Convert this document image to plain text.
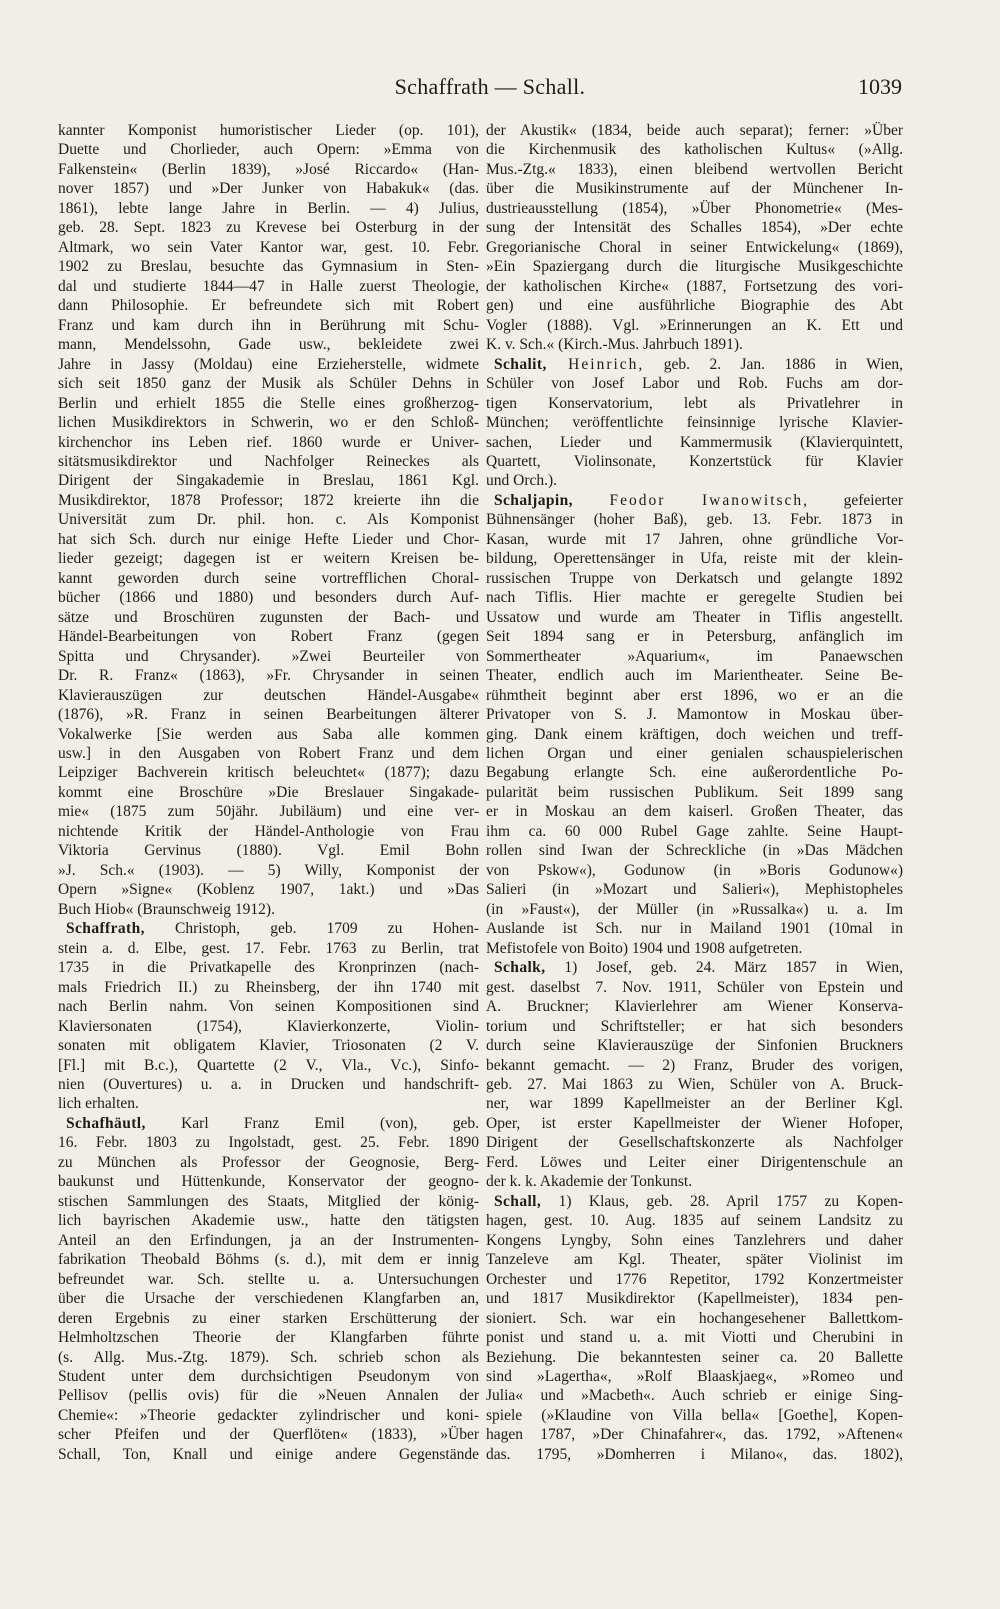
Schaffrath — Schall.	1039
kannter Komponist humoristischer Lieder (op. 101),
Duette und Chorlieder, auch Opern: »Emma von
Falkenstein« (Berlin 1839), »José Riccardo« (Han-
nover 1857) und »Der Junker von Habakuk« (das.
1861), lebte lange Jahre in Berlin. — 4) Julius,
geb. 28. Sept. 1823 zu Krevese bei Osterburg in der
Altmark, wo sein Vater Kantor war, gest. 10. Febr.
1902 zu Breslau, besuchte das Gymnasium in Sten-
dal und studierte 1844—47 in Halle zuerst Theologie,
dann Philosophie. Er befreundete sich mit Robert
Franz und kam durch ihn in Berührung mit Schu-
mann, Mendelssohn, Gade usw., bekleidete zwei
Jahre in Jassy (Moldau) eine Erzieherstelle, widmete
sich seit 1850 ganz der Musik als Schüler Dehns in
Berlin und erhielt 1855 die Stelle eines großherzog-
lichen Musikdirektors in Schwerin, wo er den Schloß-
kirchenchor ins Leben rief. 1860 wurde er Univer-
sitätsmusikdirektor und Nachfolger Reineckes als
Dirigent der Singakademie in Breslau, 1861 Kgl.
Musikdirektor, 1878 Professor; 1872 kreierte ihn die
Universität zum Dr. phil. hon. c. Als Komponist
hat sich Sch. durch nur einige Hefte Lieder und Chor-
lieder gezeigt; dagegen ist er weitern Kreisen be-
kannt geworden durch seine vortrefflichen Choral-
bücher (1866 und 1880) und besonders durch Auf-
sätze und Broschüren zugunsten der Bach- und
Händel-Bearbeitungen von Robert Franz (gegen
Spitta und Chrysander). »Zwei Beurteiler von
Dr. R. Franz« (1863), »Fr. Chrysander in seinen
Klavierauszügen zur deutschen Händel-Ausgabe«
(1876), »R. Franz in seinen Bearbeitungen älterer
Vokalwerke [Sie werden aus Saba alle kommen
usw.] in den Ausgaben von Robert Franz und dem
Leipziger Bachverein kritisch beleuchtet« (1877); dazu
kommt eine Broschüre »Die Breslauer Singakade-
mie« (1875 zum 50jähr. Jubiläum) und eine ver-
nichtende Kritik der Händel-Anthologie von Frau
Viktoria Gervinus (1880). Vgl. Emil Bohn
»J. Sch.« (1903). — 5) Willy, Komponist der
Opern »Signe« (Koblenz 1907, 1akt.) und »Das
Buch Hiob« (Braunschweig 1912).
Schaffrath, Christoph, geb. 1709 zu Hohen-
stein a. d. Elbe, gest. 17. Febr. 1763 zu Berlin, trat
1735 in die Privatkapelle des Kronprinzen (nach-
mals Friedrich II.) zu Rheinsberg, der ihn 1740 mit
nach Berlin nahm. Von seinen Kompositionen sind
Klaviersonaten (1754), Klavierkonzerte, Violin-
sonaten mit obligatem Klavier, Triosonaten (2 V.
[Fl.] mit B.c.), Quartette (2 V., Vla., Vc.), Sinfo-
nien (Ouvertures) u. a. in Drucken und handschrift-
lich erhalten.
Schafhäutl, Karl Franz Emil (von), geb.
16. Febr. 1803 zu Ingolstadt, gest. 25. Febr. 1890
zu München als Professor der Geognosie, Berg-
baukunst und Hüttenkunde, Konservator der geogno-
stischen Sammlungen des Staats, Mitglied der könig-
lich bayrischen Akademie usw., hatte den tätigsten
Anteil an den Erfindungen, ja an der Instrumenten-
fabrikation Theobald Böhms (s. d.), mit dem er innig
befreundet war. Sch. stellte u. a. Untersuchungen
über die Ursache der verschiedenen Klangfarben an,
deren Ergebnis zu einer starken Erschütterung der
Helmholtzschen Theorie der Klangfarben führte
(s. Allg. Mus.-Ztg. 1879). Sch. schrieb schon als
Student unter dem durchsichtigen Pseudonym von
Pellisov (pellis ovis) für die »Neuen Annalen der
Chemie«: »Theorie gedackter zylindrischer und koni-
scher Pfeifen und der Querflöten« (1833), »Über
Schall, Ton, Knall und einige andere Gegenstände
der Akustik« (1834, beide auch separat); ferner: »Über
die Kirchenmusik des katholischen Kultus« (»Allg.
Mus.-Ztg.« 1833), einen bleibend wertvollen Bericht
über die Musikinstrumente auf der Münchener In-
dustrieausstellung (1854), »Über Phonometrie« (Mes-
sung der Intensität des Schalles 1854), »Der echte
Gregorianische Choral in seiner Entwickelung« (1869),
»Ein Spaziergang durch die liturgische Musikgeschichte
der katholischen Kirche« (1887, Fortsetzung des vori-
gen) und eine ausführliche Biographie des Abt
Vogler (1888). Vgl. »Erinnerungen an K. Ett und
K. v. Sch.« (Kirch.-Mus. Jahrbuch 1891).
Schalit, Heinrich, geb. 2. Jan. 1886 in Wien,
Schüler von Josef Labor und Rob. Fuchs am dor-
tigen Konservatorium, lebt als Privatlehrer in
München; veröffentlichte feinsinnige lyrische Klavier-
sachen, Lieder und Kammermusik (Klavierquintett,
Quartett, Violinsonate, Konzertstück für Klavier
und Orch.).
Schaljapin, Feodor Iwanowitsch, gefeierter
Bühnensänger (hoher Baß), geb. 13. Febr. 1873 in
Kasan, wurde mit 17 Jahren, ohne gründliche Vor-
bildung, Operettensänger in Ufa, reiste mit der klein-
russischen Truppe von Derkatsch und gelangte 1892
nach Tiflis. Hier machte er geregelte Studien bei
Ussatow und wurde am Theater in Tiflis angestellt.
Seit 1894 sang er in Petersburg, anfänglich im
Sommertheater »Aquarium«, im Panaewschen
Theater, endlich auch im Marientheater. Seine Be-
rühmtheit beginnt aber erst 1896, wo er an die
Privatoper von S. J. Mamontow in Moskau über-
ging. Dank einem kräftigen, doch weichen und treff-
lichen Organ und einer genialen schauspielerischen
Begabung erlangte Sch. eine außerordentliche Po-
pularität beim russischen Publikum. Seit 1899 sang
er in Moskau an dem kaiserl. Großen Theater, das
ihm ca. 60 000 Rubel Gage zahlte. Seine Haupt-
rollen sind Iwan der Schreckliche (in »Das Mädchen
von Pskow«), Godunow (in »Boris Godunow«)
Salieri (in »Mozart und Salieri«), Mephistopheles
(in »Faust«), der Müller (in »Russalka«) u. a. Im
Auslande ist Sch. nur in Mailand 1901 (10mal in
Mefistofele von Boito) 1904 und 1908 aufgetreten.
Schalk, 1) Josef, geb. 24. März 1857 in Wien,
gest. daselbst 7. Nov. 1911, Schüler von Epstein und
A. Bruckner; Klavierlehrer am Wiener Konserva-
torium und Schriftsteller; er hat sich besonders
durch seine Klavierauszüge der Sinfonien Bruckners
bekannt gemacht. — 2) Franz, Bruder des vorigen,
geb. 27. Mai 1863 zu Wien, Schüler von A. Bruck-
ner, war 1899 Kapellmeister an der Berliner Kgl.
Oper, ist erster Kapellmeister der Wiener Hofoper,
Dirigent der Gesellschaftskonzerte als Nachfolger
Ferd. Löwes und Leiter einer Dirigentenschule an
der k. k. Akademie der Tonkunst.
Schall, 1) Klaus, geb. 28. April 1757 zu Kopen-
hagen, gest. 10. Aug. 1835 auf seinem Landsitz zu
Kongens Lyngby, Sohn eines Tanzlehrers und daher
Tanzeleve am Kgl. Theater, später Violinist im
Orchester und 1776 Repetitor, 1792 Konzertmeister
und 1817 Musikdirektor (Kapellmeister), 1834 pen-
sioniert. Sch. war ein hochangesehener Ballettkom-
ponist und stand u. a. mit Viotti und Cherubini in
Beziehung. Die bekanntesten seiner ca. 20 Ballette
sind »Lagertha«, »Rolf Blaaskjaeg«, »Romeo und
Julia« und »Macbeth«. Auch schrieb er einige Sing-
spiele (»Klaudine von Villa bella« [Goethe], Kopen-
hagen 1787, »Der Chinafahrer«, das. 1792, »Aftenen«
das. 1795, »Domherren i Milano«, das. 1802),
